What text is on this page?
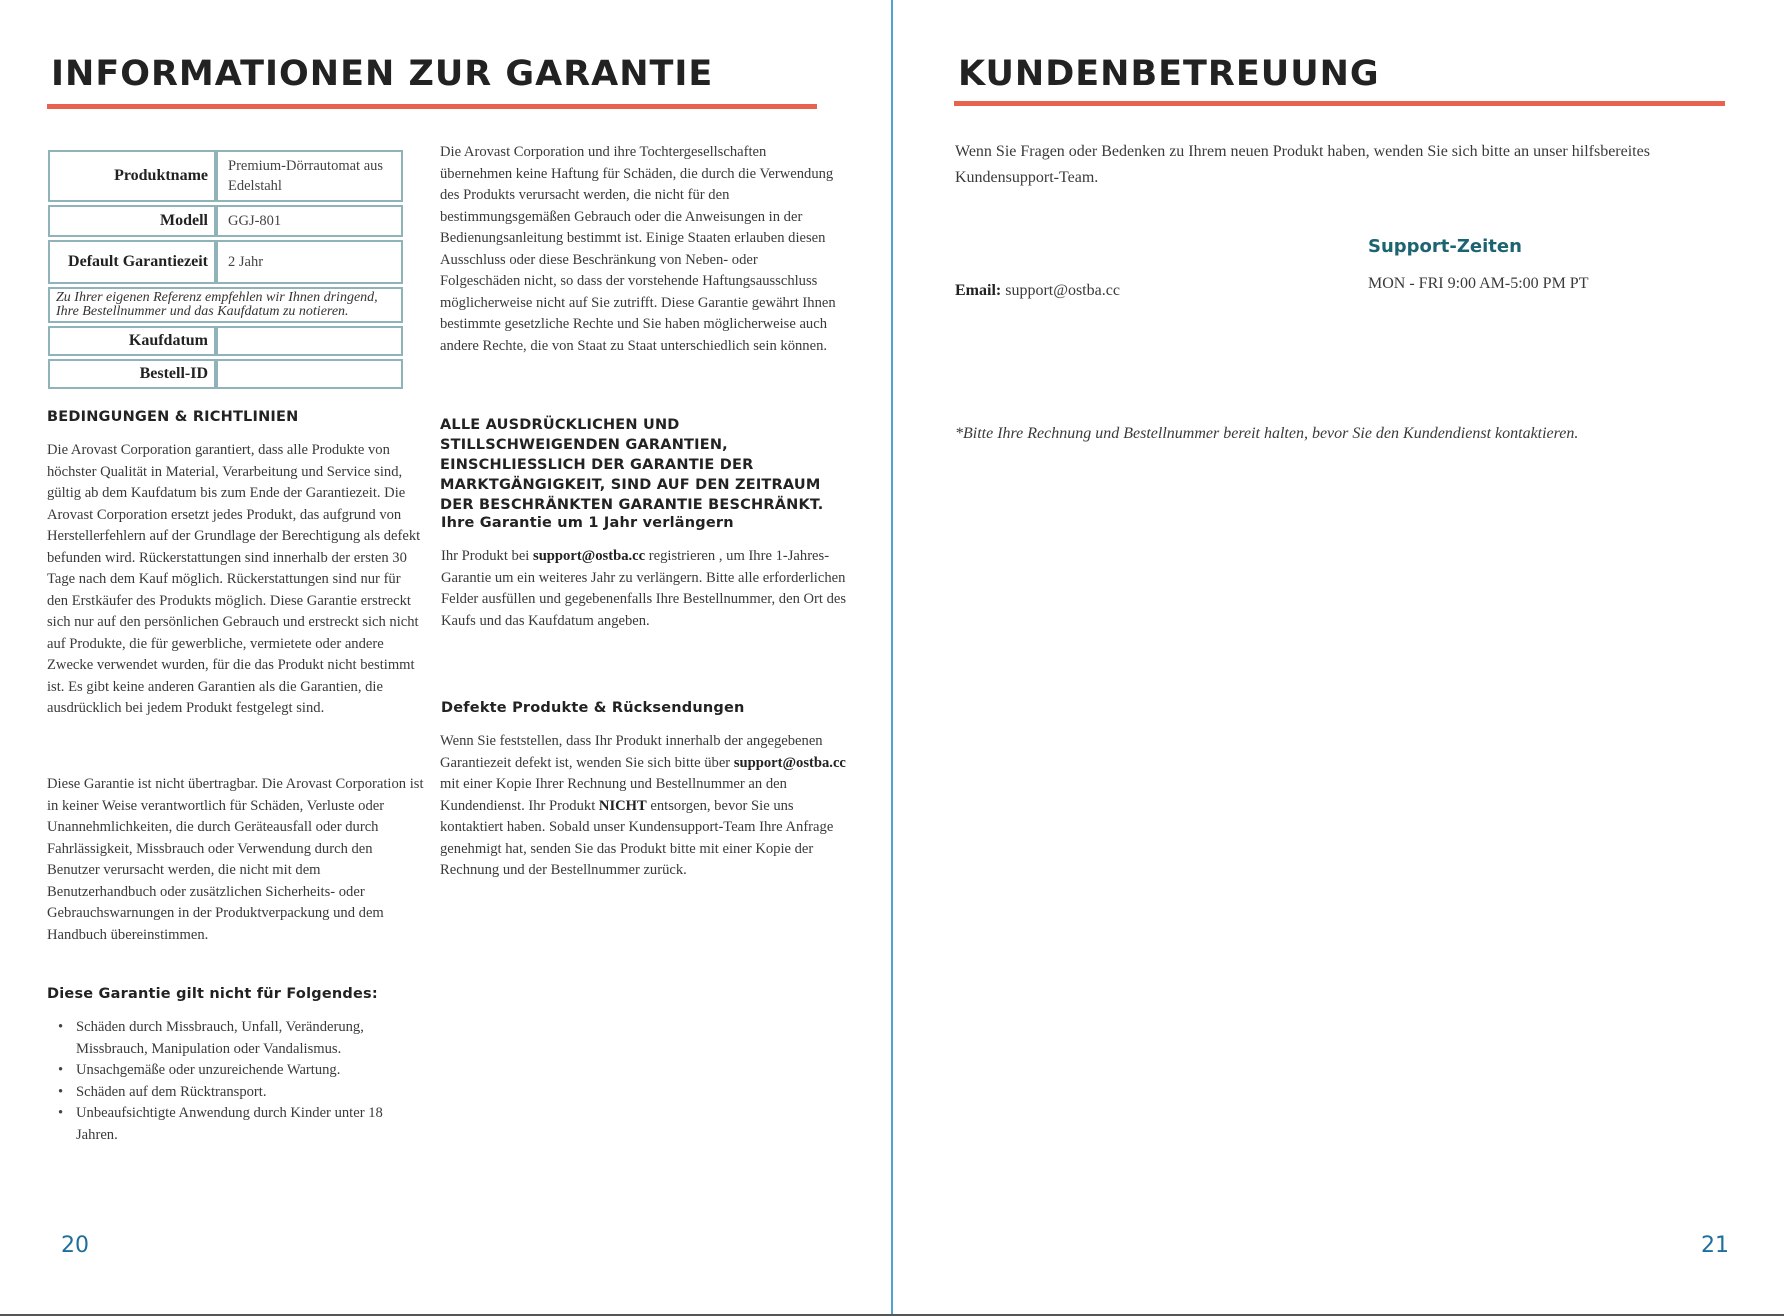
INFORMATIONEN ZUR GARANTIE
Produktname	Premium-Dörrautomat aus Edelstahl
Modell	GGJ-801
Default Garantiezeit	2 Jahr
Zu Ihrer eigenen Referenz empfehlen wir Ihnen dringend, Ihre Bestellnummer und das Kaufdatum zu notieren.	
Kaufdatum	
Bestell-ID	
BEDINGUNGEN & RICHTLINIEN
Die Arovast Corporation garantiert, dass alle Produkte von höchster Qualität in Material, Verarbeitung und Service sind, gültig ab dem Kaufdatum bis zum Ende der Garantiezeit. Die Arovast Corporation ersetzt jedes Produkt, das aufgrund von Herstellerfehlern auf der Grundlage der Berechtigung als defekt befunden wird. Rückerstattungen sind innerhalb der ersten 30 Tage nach dem Kauf möglich. Rückerstattungen sind nur für den Erstkäufer des Produkts möglich. Diese Garantie erstreckt sich nur auf den persönlichen Gebrauch und erstreckt sich nicht auf Produkte, die für gewerbliche, vermietete oder andere Zwecke verwendet wurden, für die das Produkt nicht bestimmt ist. Es gibt keine anderen Garantien als die Garantien, die ausdrücklich bei jedem Produkt festgelegt sind.
Diese Garantie ist nicht übertragbar. Die Arovast Corporation ist in keiner Weise verantwortlich für Schäden, Verluste oder Unannehmlichkeiten, die durch Geräteausfall oder durch Fahrlässigkeit, Missbrauch oder Verwendung durch den Benutzer verursacht werden, die nicht mit dem Benutzerhandbuch oder zusätzlichen Sicherheits- oder Gebrauchswarnungen in der Produktverpackung und dem Handbuch übereinstimmen.
Diese Garantie gilt nicht für Folgendes:
• Schäden durch Missbrauch, Unfall, Veränderung, Missbrauch, Manipulation oder Vandalismus.
• Unsachgemäße oder unzureichende Wartung.
• Schäden auf dem Rücktransport.
• Unbeaufsichtigte Anwendung durch Kinder unter 18 Jahren.
Die Arovast Corporation und ihre Tochtergesellschaften übernehmen keine Haftung für Schäden, die durch die Verwendung des Produkts verursacht werden, die nicht für den bestimmungsgemäßen Gebrauch oder die Anweisungen in der Bedienungsanleitung bestimmt ist. Einige Staaten erlauben diesen Ausschluss oder diese Beschränkung von Neben- oder Folgeschäden nicht, so dass der vorstehende Haftungsausschluss möglicherweise nicht auf Sie zutrifft. Diese Garantie gewährt Ihnen bestimmte gesetzliche Rechte und Sie haben möglicherweise auch andere Rechte, die von Staat zu Staat unterschiedlich sein können.
ALLE AUSDRÜCKLICHEN UND STILLSCHWEIGENDEN GARANTIEN, EINSCHLIESSLICH DER GARANTIE DER MARKTGÄNGIGKEIT, SIND AUF DEN ZEITRAUM DER BESCHRÄNKTEN GARANTIE BESCHRÄNKT.
Ihre Garantie um 1 Jahr verlängern
Ihr Produkt bei support@ostba.cc registrieren , um Ihre 1-Jahres-Garantie um ein weiteres Jahr zu verlängern. Bitte alle erforderlichen Felder ausfüllen und gegebenenfalls Ihre Bestellnummer, den Ort des Kaufs und das Kaufdatum angeben.
Defekte Produkte & Rücksendungen
Wenn Sie feststellen, dass Ihr Produkt innerhalb der angegebenen Garantiezeit defekt ist, wenden Sie sich bitte über support@ostba.cc mit einer Kopie Ihrer Rechnung und Bestellnummer an den Kundendienst. Ihr Produkt NICHT entsorgen, bevor Sie uns kontaktiert haben. Sobald unser Kundensupport-Team Ihre Anfrage genehmigt hat, senden Sie das Produkt bitte mit einer Kopie der Rechnung und der Bestellnummer zurück.
20
KUNDENBETREUUNG
Wenn Sie Fragen oder Bedenken zu Ihrem neuen Produkt haben, wenden Sie sich bitte an unser hilfsbereites Kundensupport-Team.
Support-Zeiten
MON - FRI 9:00 AM-5:00 PM PT
Email: support@ostba.cc
*Bitte Ihre Rechnung und Bestellnummer bereit halten, bevor Sie den Kundendienst kontaktieren.
21
